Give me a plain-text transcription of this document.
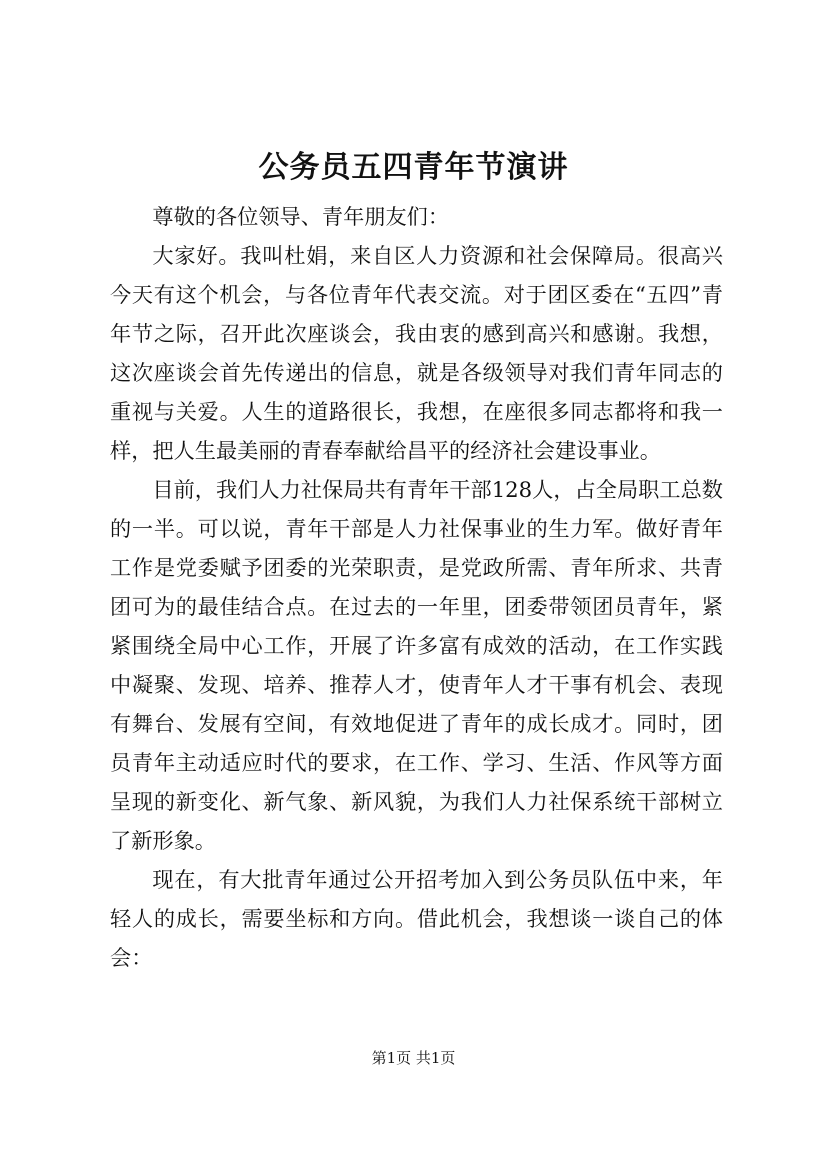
公务员五四青年节演讲

尊敬的各位领导、青年朋友们：

大家好。我叫杜娟，来自区人力资源和社会保障局。很高兴今天有这个机会，与各位青年代表交流。对于团区委在“五四”青年节之际，召开此次座谈会，我由衷的感到高兴和感谢。我想，这次座谈会首先传递出的信息，就是各级领导对我们青年同志的重视与关爱。人生的道路很长，我想，在座很多同志都将和我一样，把人生最美丽的青春奉献给昌平的经济社会建设事业。

目前，我们人力社保局共有青年干部128人，占全局职工总数的一半。可以说，青年干部是人力社保事业的生力军。做好青年工作是党委赋予团委的光荣职责，是党政所需、青年所求、共青团可为的最佳结合点。在过去的一年里，团委带领团员青年，紧紧围绕全局中心工作，开展了许多富有成效的活动，在工作实践中凝聚、发现、培养、推荐人才，使青年人才干事有机会、表现有舞台、发展有空间，有效地促进了青年的成长成才。同时，团员青年主动适应时代的要求，在工作、学习、生活、作风等方面呈现的新变化、新气象、新风貌，为我们人力社保系统干部树立了新形象。

现在，有大批青年通过公开招考加入到公务员队伍中来，年轻人的成长，需要坐标和方向。借此机会，我想谈一谈自己的体会：

第1页 共1页
